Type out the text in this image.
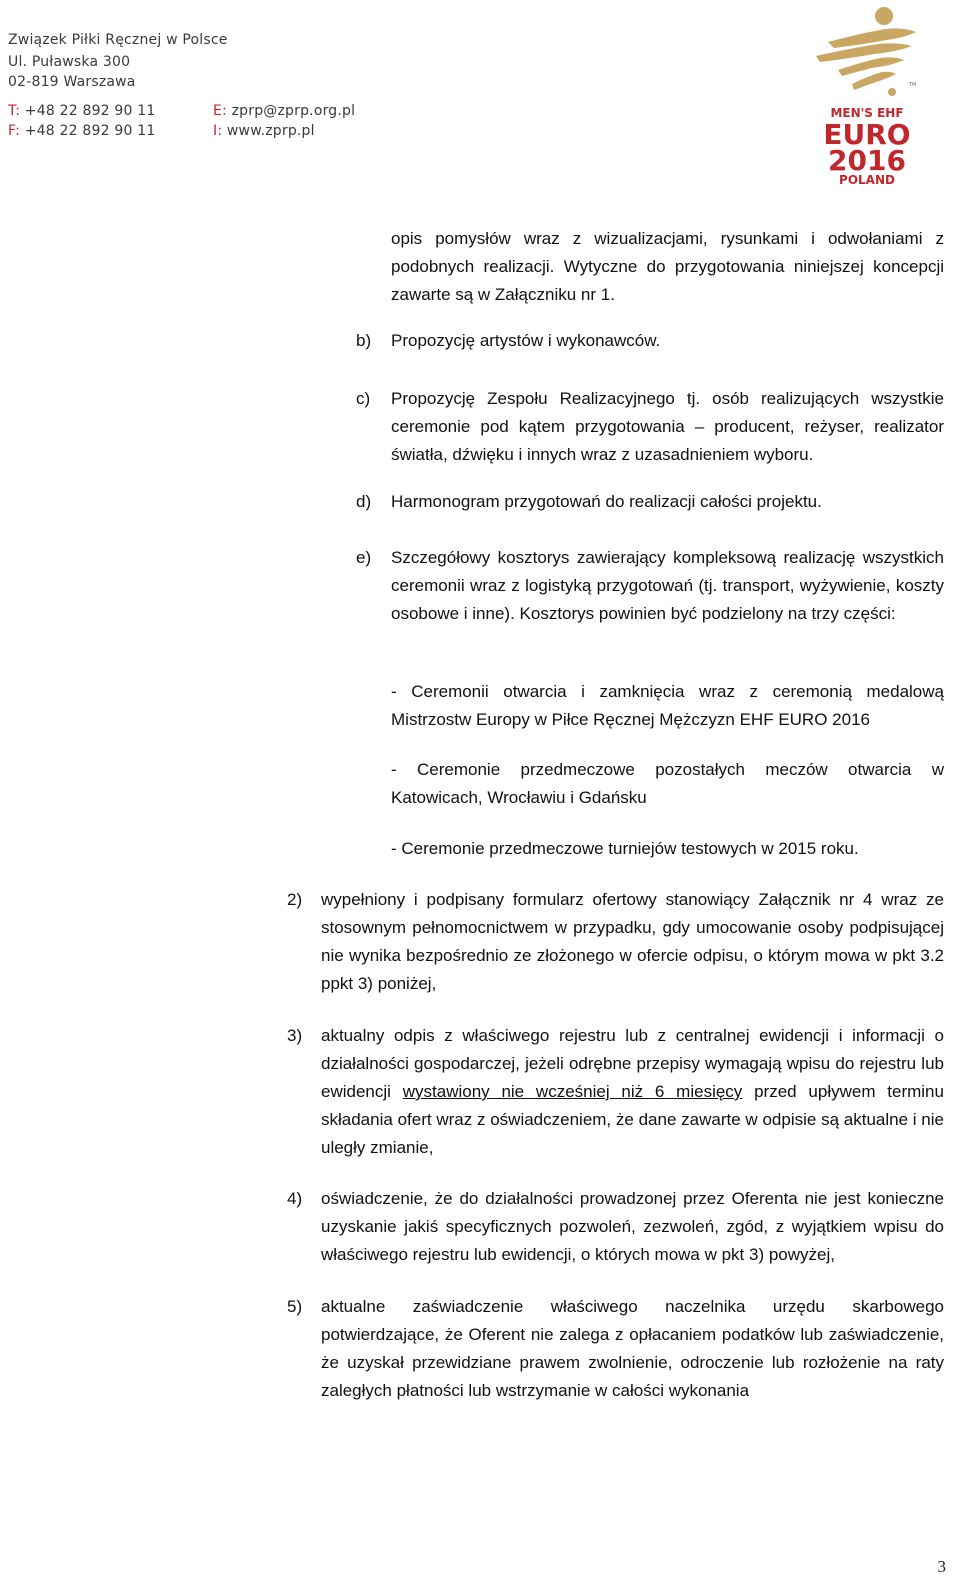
Związek Piłki Ręcznej w Polsce
Ul. Puławska 300
02-819 Warszawa
T: +48 22 892 90 11
F: +48 22 892 90 11
E: zprp@zprp.org.pl
I: www.zprp.pl
TM
MEN'S EHF
EURO
2016
POLAND
opis pomysłów wraz z wizualizacjami, rysunkami i odwołaniami z podobnych realizacji. Wytyczne do przygotowania niniejszej koncepcji zawarte są w Załączniku nr 1.
b) Propozycję artystów i wykonawców.
c) Propozycję Zespołu Realizacyjnego tj. osób realizujących wszystkie ceremonie pod kątem przygotowania – producent, reżyser, realizator światła, dźwięku i innych wraz z uzasadnieniem wyboru.
d) Harmonogram przygotowań do realizacji całości projektu.
e) Szczegółowy kosztorys zawierający kompleksową realizację wszystkich ceremonii wraz z logistyką przygotowań (tj. transport, wyżywienie, koszty osobowe i inne). Kosztorys powinien być podzielony na trzy części:
- Ceremonii otwarcia i zamknięcia wraz z ceremonią medalową Mistrzostw Europy w Piłce Ręcznej Mężczyzn EHF EURO 2016
- Ceremonie przedmeczowe pozostałych meczów otwarcia w Katowicach, Wrocławiu i Gdańsku
- Ceremonie przedmeczowe turniejów testowych w 2015 roku.
2) wypełniony i podpisany formularz ofertowy stanowiący Załącznik nr 4 wraz ze stosownym pełnomocnictwem w przypadku, gdy umocowanie osoby podpisującej nie wynika bezpośrednio ze złożonego w ofercie odpisu, o którym mowa w pkt 3.2 ppkt 3) poniżej,
3) aktualny odpis z właściwego rejestru lub z centralnej ewidencji i informacji o działalności gospodarczej, jeżeli odrębne przepisy wymagają wpisu do rejestru lub ewidencji wystawiony nie wcześniej niż 6 miesięcy przed upływem terminu składania ofert wraz z oświadczeniem, że dane zawarte w odpisie są aktualne i nie uległy zmianie,
4) oświadczenie, że do działalności prowadzonej przez Oferenta nie jest konieczne uzyskanie jakiś specyficznych pozwoleń, zezwoleń, zgód, z wyjątkiem wpisu do właściwego rejestru lub ewidencji, o których mowa w pkt 3) powyżej,
5) aktualne zaświadczenie właściwego naczelnika urzędu skarbowego potwierdzające, że Oferent nie zalega z opłacaniem podatków lub zaświadczenie, że uzyskał przewidziane prawem zwolnienie, odroczenie lub rozłożenie na raty zaległych płatności lub wstrzymanie w całości wykonania
3
